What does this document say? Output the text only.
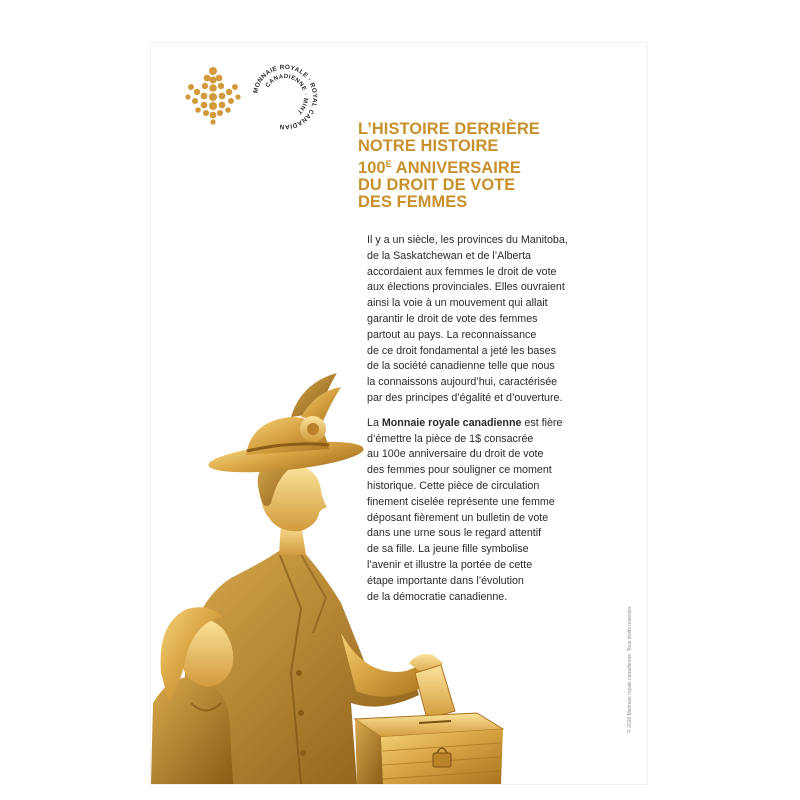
MONNAIE ROYALE · ROYAL CANADIAN
CANADIENNE · MINT
L’HISTOIRE DERRIÈRE
NOTRE HISTOIRE
$100^E$ ANNIVERSAIRE
DU DROIT DE VOTE
DES FEMMES
Il y a un siècle, les provinces du Manitoba,
de la Saskatchewan et de l’Alberta
accordaient aux femmes le droit de vote
aux élections provinciales. Elles ouvraient
ainsi la voie à un mouvement qui allait
garantir le droit de vote des femmes
partout au pays. La reconnaissance
de ce droit fondamental a jeté les bases
de la société canadienne telle que nous
la connaissons aujourd’hui, caractérisée
par des principes d’égalité et d’ouverture.
La Monnaie royale canadienne est fière
d’émettre la pièce de 1$ consacrée
au 100e anniversaire du droit de vote
des femmes pour souligner ce moment
historique. Cette pièce de circulation
finement ciselée représente une femme
déposant fièrement un bulletin de vote
dans une urne sous le regard attentif
de sa fille. La jeune fille symbolise
l’avenir et illustre la portée de cette
étape importante dans l’évolution
de la démocratie canadienne.
© 2016 Monnaie royale canadienne. Tous droits réservés.
